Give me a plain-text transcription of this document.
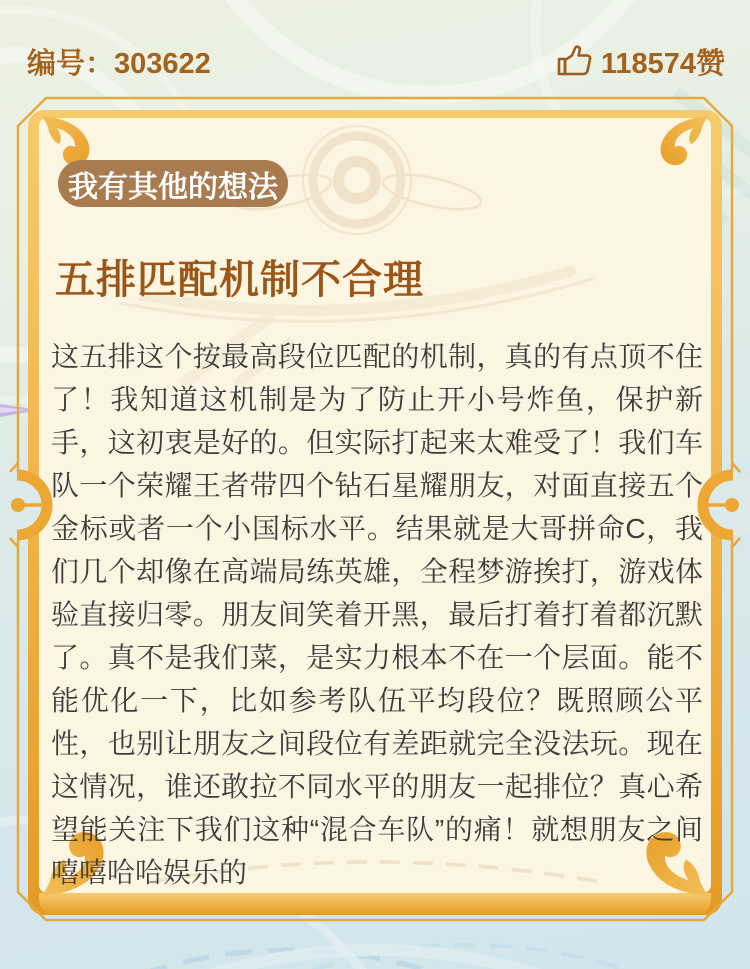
编号：303622	118574赞
我有其他的想法
五排匹配机制不合理
这五排这个按最高段位匹配的机制，真的有点顶不住了！我知道这机制是为了防止开小号炸鱼，保护新手，这初衷是好的。但实际打起来太难受了！我们车队一个荣耀王者带四个钻石星耀朋友，对面直接五个金标或者一个小国标水平。结果就是大哥拼命C，我们几个却像在高端局练英雄，全程梦游挨打，游戏体验直接归零。朋友间笑着开黑，最后打着打着都沉默了。真不是我们菜，是实力根本不在一个层面。能不能优化一下，比如参考队伍平均段位？既照顾公平性，也别让朋友之间段位有差距就完全没法玩。现在这情况，谁还敢拉不同水平的朋友一起排位？真心希望能关注下我们这种“混合车队”的痛！就想朋友之间嘻嘻哈哈娱乐的
